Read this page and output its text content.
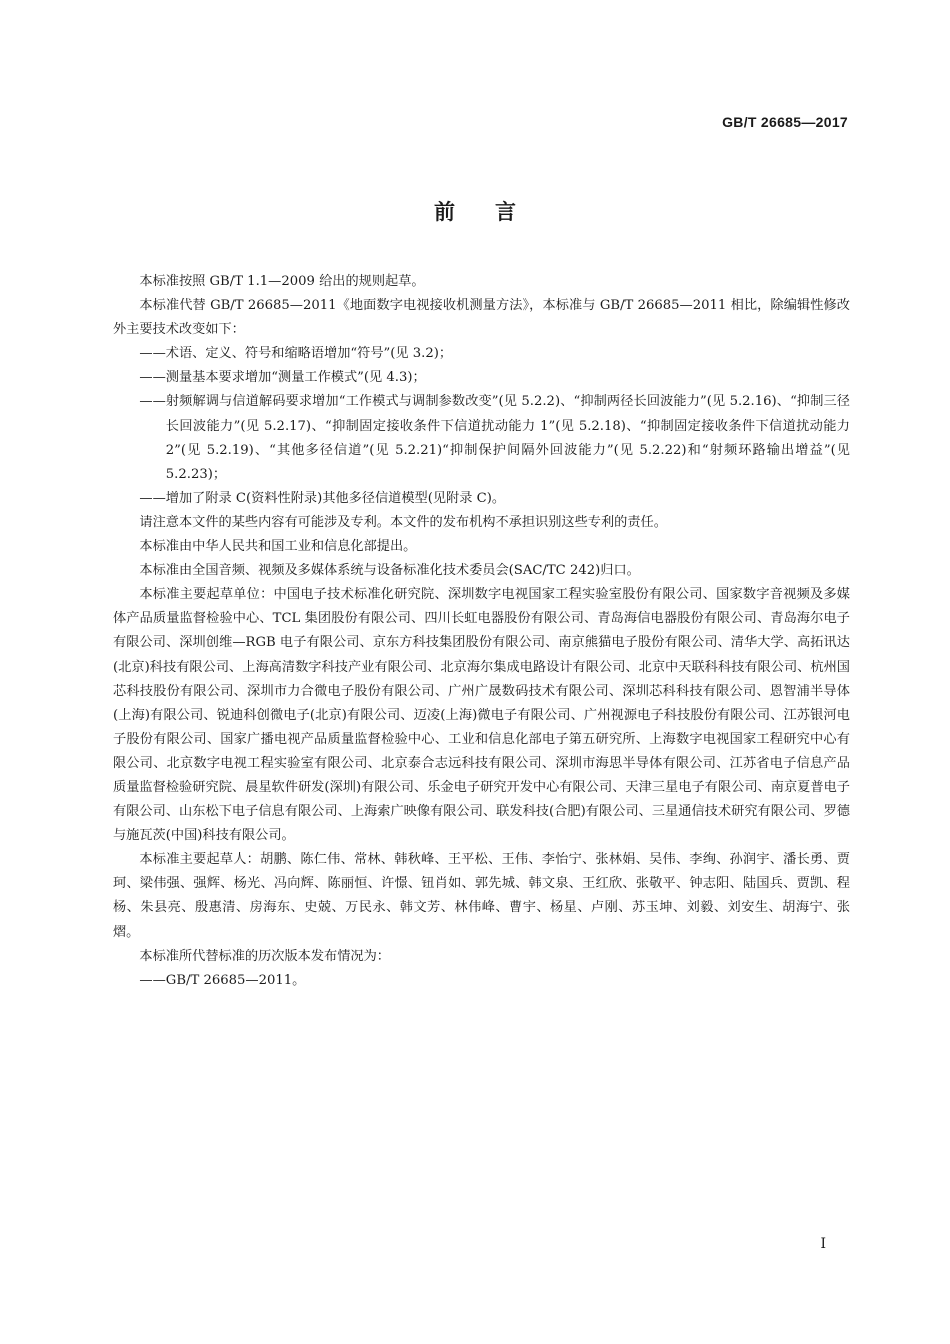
GB/T 26685—2017
前言

本标准按照 GB/T 1.1—2009 给出的规则起草。

本标准代替 GB/T 26685—2011《地面数字电视接收机测量方法》，本标准与 GB/T 26685—2011 相比，除编辑性修改外主要技术改变如下：

——术语、定义、符号和缩略语增加“符号”(见 3.2)；

——测量基本要求增加“测量工作模式”(见 4.3)；

——射频解调与信道解码要求增加“工作模式与调制参数改变”(见 5.2.2)、“抑制两径长回波能力”(见 5.2.16)、“抑制三径长回波能力”(见 5.2.17)、“抑制固定接收条件下信道扰动能力 1”(见 5.2.18)、“抑制固定接收条件下信道扰动能力 2”(见 5.2.19)、“其他多径信道”(见 5.2.21)“抑制保护间隔外回波能力”(见 5.2.22)和“射频环路输出增益”(见 5.2.23)；

——增加了附录 C(资料性附录)其他多径信道模型(见附录 C)。

请注意本文件的某些内容有可能涉及专利。本文件的发布机构不承担识别这些专利的责任。

本标准由中华人民共和国工业和信息化部提出。

本标准由全国音频、视频及多媒体系统与设备标准化技术委员会(SAC/TC 242)归口。

本标准主要起草单位：中国电子技术标准化研究院、深圳数字电视国家工程实验室股份有限公司、国家数字音视频及多媒体产品质量监督检验中心、TCL 集团股份有限公司、四川长虹电器股份有限公司、青岛海信电器股份有限公司、青岛海尔电子有限公司、深圳创维—RGB 电子有限公司、京东方科技集团股份有限公司、南京熊猫电子股份有限公司、清华大学、高拓讯达(北京)科技有限公司、上海高清数字科技产业有限公司、北京海尔集成电路设计有限公司、北京中天联科科技有限公司、杭州国芯科技股份有限公司、深圳市力合微电子股份有限公司、广州广晟数码技术有限公司、深圳芯科科技有限公司、恩智浦半导体(上海)有限公司、锐迪科创微电子(北京)有限公司、迈凌(上海)微电子有限公司、广州视源电子科技股份有限公司、江苏银河电子股份有限公司、国家广播电视产品质量监督检验中心、工业和信息化部电子第五研究所、上海数字电视国家工程研究中心有限公司、北京数字电视工程实验室有限公司、北京泰合志远科技有限公司、深圳市海思半导体有限公司、江苏省电子信息产品质量监督检验研究院、晨星软件研发(深圳)有限公司、乐金电子研究开发中心有限公司、天津三星电子有限公司、南京夏普电子有限公司、山东松下电子信息有限公司、上海索广映像有限公司、联发科技(合肥)有限公司、三星通信技术研究有限公司、罗德与施瓦茨(中国)科技有限公司。

本标准主要起草人：胡鹏、陈仁伟、常林、韩秋峰、王平松、王伟、李怡宁、张林娟、吴伟、李绚、孙润宇、潘长勇、贾珂、梁伟强、强辉、杨光、冯向辉、陈丽恒、许憬、钮肖如、郭先城、韩文泉、王红欣、张敬平、钟志阳、陆国兵、贾凯、程杨、朱县亮、殷惠清、房海东、史兢、万民永、韩文芳、林伟峰、曹宇、杨星、卢刚、苏玉坤、刘毅、刘安生、胡海宁、张熠。

本标准所代替标准的历次版本发布情况为：

——GB/T 26685—2011。

I
